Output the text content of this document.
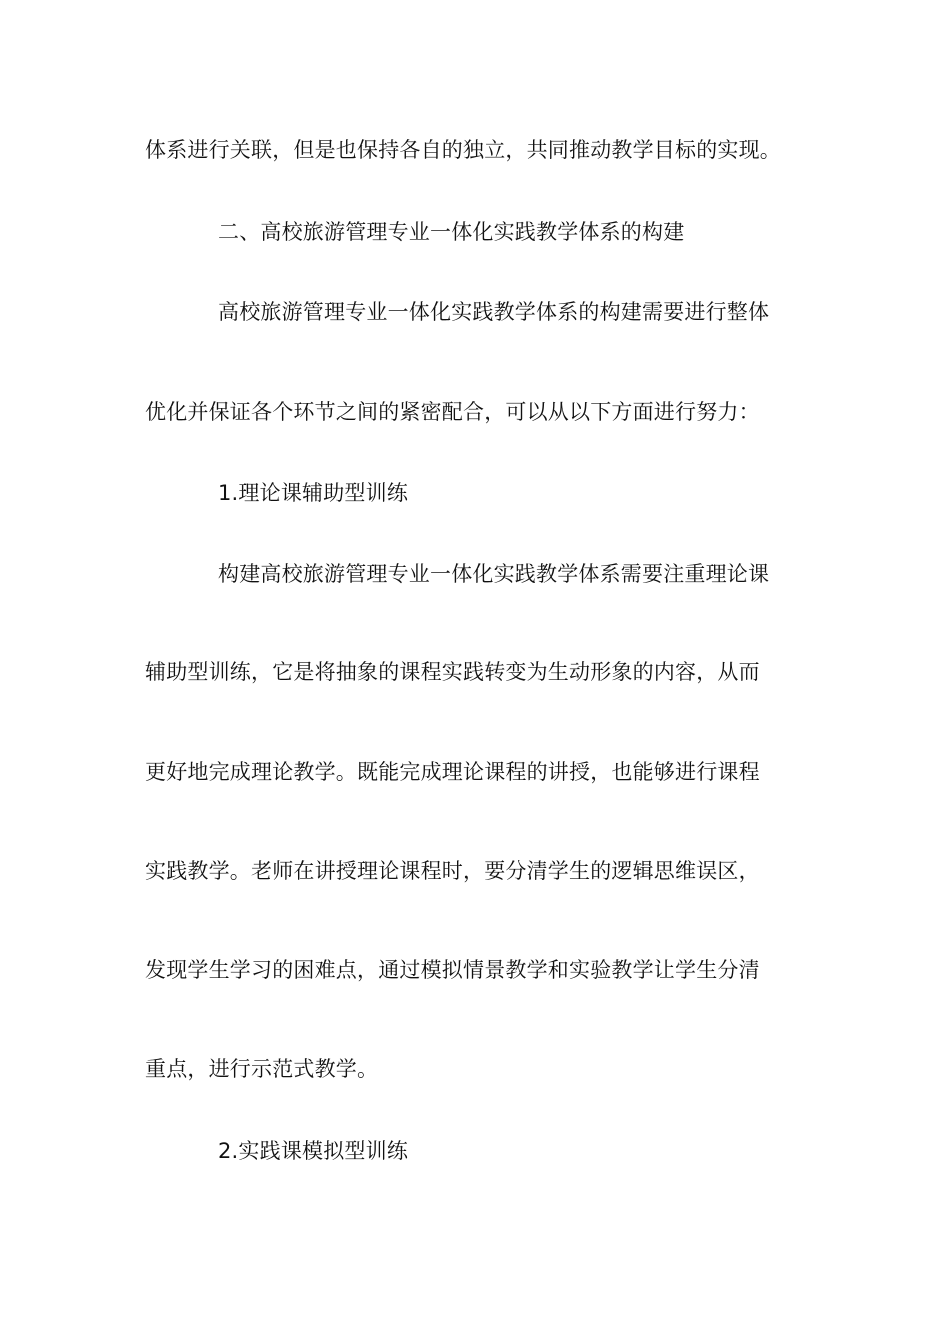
体系进行关联，但是也保持各自的独立，共同推动教学目标的实现。
二、高校旅游管理专业一体化实践教学体系的构建
高校旅游管理专业一体化实践教学体系的构建需要进行整体
优化并保证各个环节之间的紧密配合，可以从以下方面进行努力：
1.理论课辅助型训练
构建高校旅游管理专业一体化实践教学体系需要注重理论课
辅助型训练，它是将抽象的课程实践转变为生动形象的内容，从而
更好地完成理论教学。既能完成理论课程的讲授，也能够进行课程
实践教学。老师在讲授理论课程时，要分清学生的逻辑思维误区，
发现学生学习的困难点，通过模拟情景教学和实验教学让学生分清
重点，进行示范式教学。
2.实践课模拟型训练
